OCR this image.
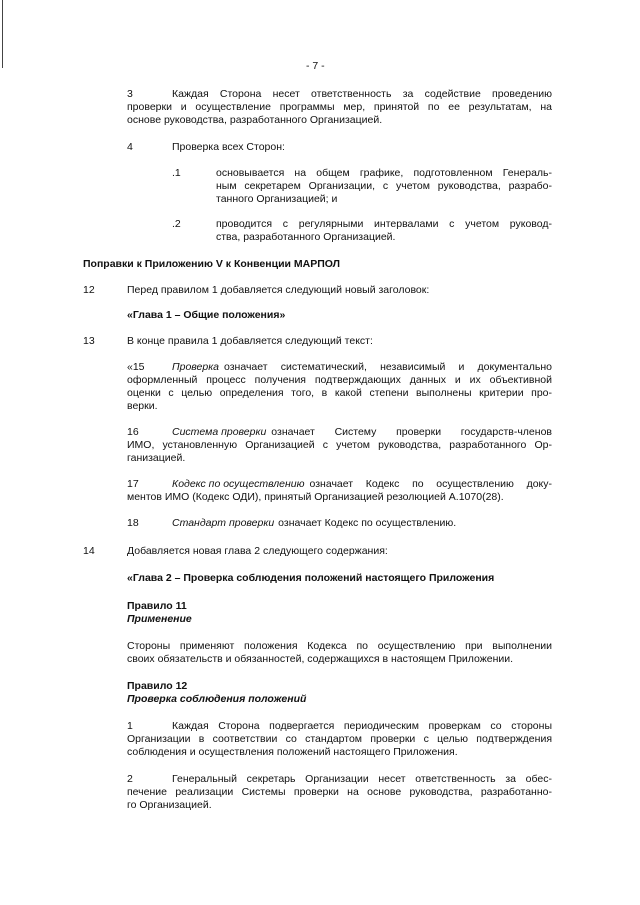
- 7 -
3	Каждая Сторона несет ответственность за содействие проведению
проверки и осуществление программы мер, принятой по ее результатам, на
основе руководства, разработанного Организацией.
4	Проверка всех Сторон:
.1	основывается на общем графике, подготовленном Генераль-
ным секретарем Организации, с учетом руководства, разрабо-
танного Организацией; и
.2	проводится с регулярными интервалами с учетом руковод-
ства, разработанного Организацией.
Поправки к Приложению V к Конвенции МАРПОЛ
12	Перед правилом 1 добавляется следующий новый заголовок:
«Глава 1 – Общие положения»
13	В конце правила 1 добавляется следующий текст:
«15	Проверка означает систематический, независимый и документально
оформленный процесс получения подтверждающих данных и их объективной
оценки с целью определения того, в какой степени выполнены критерии про-
верки.
16	Система проверки означает Систему проверки государств-членов
ИМО, установленную Организацией с учетом руководства, разработанного Ор-
ганизацией.
17	Кодекс по осуществлению означает Кодекс по осуществлению доку-
ментов ИМО (Кодекс ОДИ), принятый Организацией резолюцией A.1070(28).
18	Стандарт проверки означает Кодекс по осуществлению.
14	Добавляется новая глава 2 следующего содержания:
«Глава 2 – Проверка соблюдения положений настоящего Приложения
Правило 11
Применение
Стороны применяют положения Кодекса по осуществлению при выполнении
своих обязательств и обязанностей, содержащихся в настоящем Приложении.
Правило 12
Проверка соблюдения положений
1	Каждая Сторона подвергается периодическим проверкам со стороны
Организации в соответствии со стандартом проверки с целью подтверждения
соблюдения и осуществления положений настоящего Приложения.
2	Генеральный секретарь Организации несет ответственность за обес-
печение реализации Системы проверки на основе руководства, разработанно-
го Организацией.
